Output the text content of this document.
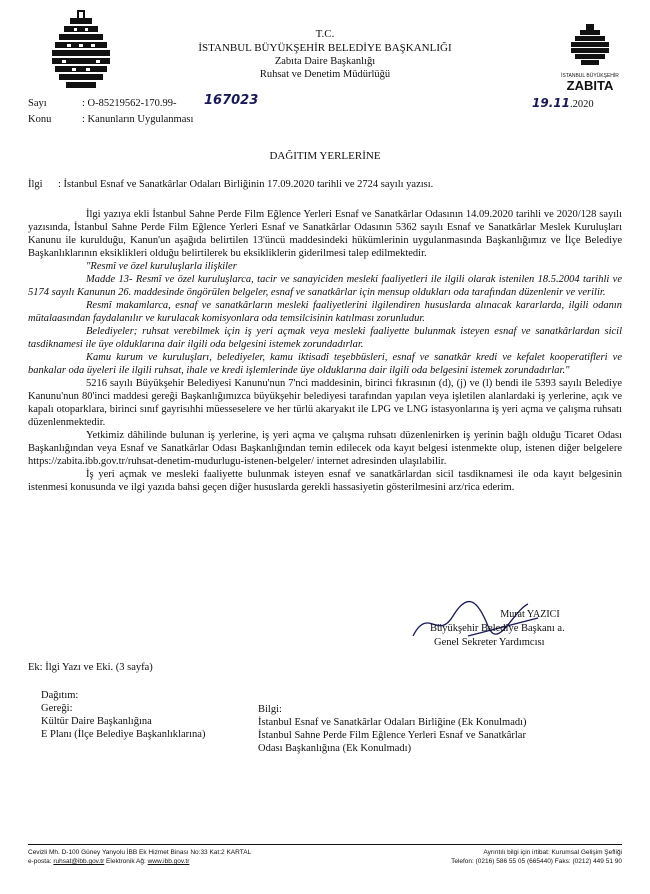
İSTANBUL BÜYÜKŞEHİR
ZABITA
T.C.
İSTANBUL BÜYÜKŞEHİR BELEDİYE BAŞKANLIĞI
Zabıta Daire Başkanlığı
Ruhsat ve Denetim Müdürlüğü
Sayı	: O-85219562-170.99- 167023	19.11.2020
Konu	: Kanunların Uygulanması
DAĞITIM YERLERİNE
İlgi : İstanbul Esnaf ve Sanatkârlar Odaları Birliğinin 17.09.2020 tarihli ve 2724 sayılı yazısı.

İlgi yazıya ekli İstanbul Sahne Perde Film Eğlence Yerleri Esnaf ve Sanatkârlar Odasının 14.09.2020 tarihli ve 2020/128 sayılı yazısında, İstanbul Sahne Perde Film Eğlence Yerleri Esnaf ve Sanatkârlar Odasının 5362 sayılı Esnaf ve Sanatkârlar Meslek Kuruluşları Kanunu ile kurulduğu, Kanun'un aşağıda belirtilen 13'üncü maddesindeki hükümlerinin uygulanmasında Başkanlığımız ve İlçe Belediye Başkanlıklarının eksiklikleri olduğu belirtilerek bu eksikliklerin giderilmesi talep edilmektedir.

"Resmî ve özel kuruluşlarla ilişkiler

Madde 13- Resmî ve özel kuruluşlarca, tacir ve sanayiciden mesleki faaliyetleri ile ilgili olarak istenilen 18.5.2004 tarihli ve 5174 sayılı Kanunun 26. maddesinde öngörülen belgeler, esnaf ve sanatkârlar için mensup oldukları oda tarafından düzenlenir ve verilir.

Resmî makamlarca, esnaf ve sanatkârların mesleki faaliyetlerini ilgilendiren hususlarda alınacak kararlarda, ilgili odanın mütalaasından faydalanılır ve kurulacak komisyonlara oda temsilcisinin katılması zorunludur.

Belediyeler; ruhsat verebilmek için iş yeri açmak veya mesleki faaliyette bulunmak isteyen esnaf ve sanatkârlardan sicil tasdiknamesi ile üye olduklarına dair ilgili oda belgesini istemek zorundadırlar.

Kamu kurum ve kuruluşları, belediyeler, kamu iktisadî teşebbüsleri, esnaf ve sanatkâr kredi ve kefalet kooperatifleri ve bankalar oda üyeleri ile ilgili ruhsat, ihale ve kredi işlemlerinde üye olduklarına dair ilgili oda belgesini istemek zorundadırlar."

5216 sayılı Büyükşehir Belediyesi Kanunu'nun 7'nci maddesinin, birinci fıkrasının (d), (j) ve (l) bendi ile 5393 sayılı Belediye Kanunu'nun 80'inci maddesi gereği Başkanlığımızca büyükşehir belediyesi tarafından yapılan veya işletilen alanlardaki iş yerlerine, açık ve kapalı otoparklara, birinci sınıf gayrisıhhi müesseselere ve her türlü akaryakıt ile LPG ve LNG istasyonlarına iş yeri açma ve çalışma ruhsatı düzenlenmektedir.

Yetkimiz dâhilinde bulunan iş yerlerine, iş yeri açma ve çalışma ruhsatı düzenlenirken iş yerinin bağlı olduğu Ticaret Odası Başkanlığından veya Esnaf ve Sanatkârlar Odası Başkanlığından temin edilecek oda kayıt belgesi istenmekte olup, istenen diğer belgelere https://zabita.ibb.gov.tr/ruhsat-denetim-mudurlugu-istenen-belgeler/ internet adresinden ulaşılabilir.

İş yeri açmak ve mesleki faaliyette bulunmak isteyen esnaf ve sanatkârlardan sicil tasdiknamesi ile oda kayıt belgesinin istenmesi konusunda ve ilgi yazıda bahsi geçen diğer hususlarda gerekli hassasiyetin gösterilmesini arz/rica ederim.

Murat YAZICI
Büyükşehir Belediye Başkanı a.
Genel Sekreter Yardımcısı
Ek: İlgi Yazı ve Eki. (3 sayfa)
Dağıtım:
Gereği:
Kültür Daire Başkanlığına
E Planı (İlçe Belediye Başkanlıklarına)
Bilgi:
İstanbul Esnaf ve Sanatkârlar Odaları Birliğine (Ek Konulmadı)
İstanbul Sahne Perde Film Eğlence Yerleri Esnaf ve Sanatkârlar
Odası Başkanlığına (Ek Konulmadı)
Cevizli Mh. D-100 Güney Yanyolu İBB Ek Hizmet Binası No:33 Kat:2 KARTAL
e-posta: ruhsat@ibb.gov.tr Elektronik Ağ: www.ibb.gov.tr
Ayrıntılı bilgi için irtibat: Kurumsal Gelişim Şefliği
Telefon: (0216) 586 55 05 (665440) Faks: (0212) 449 51 90
